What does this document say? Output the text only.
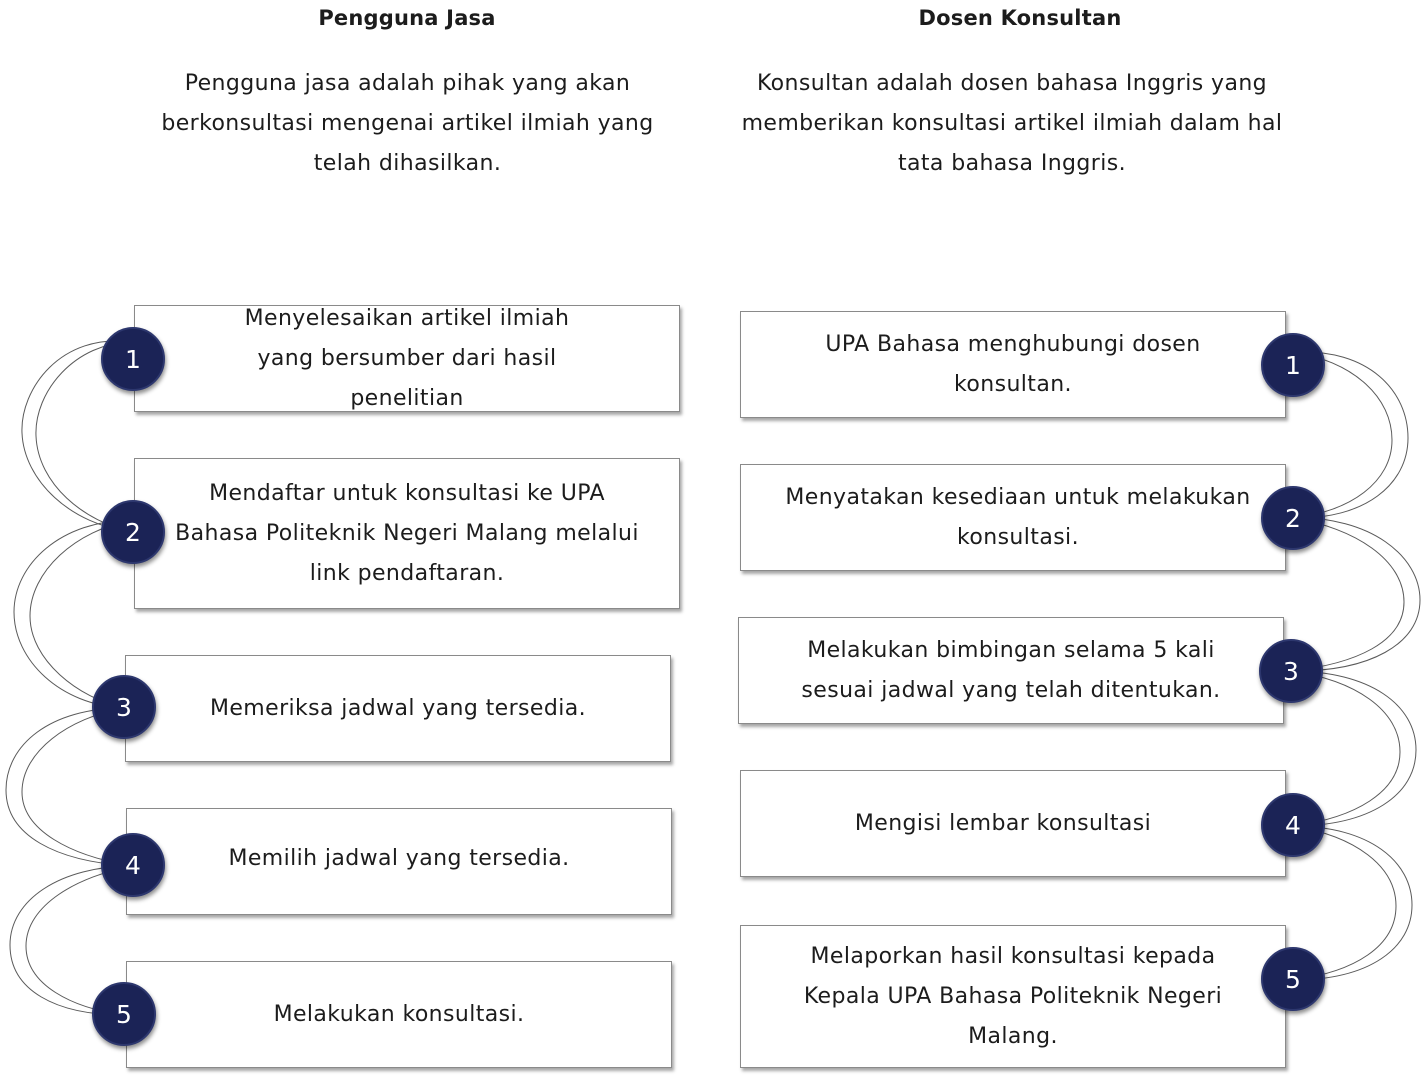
Pengguna Jasa	Dosen Konsultan
Pengguna jasa adalah pihak yang akan berkonsultasi mengenai artikel ilmiah yang telah dihasilkan.
Konsultan adalah dosen bahasa Inggris yang memberikan konsultasi artikel ilmiah dalam hal tata bahasa Inggris.
Menyelesaikan artikel ilmiah yang bersumber dari hasil penelitian
1
Mendaftar untuk konsultasi ke UPA Bahasa Politeknik Negeri Malang melalui link pendaftaran.
2
Memeriksa jadwal yang tersedia.
3
Memilih jadwal yang tersedia.
4
Melakukan konsultasi.
5
UPA Bahasa menghubungi dosen konsultan.
1
Menyatakan kesediaan untuk melakukan konsultasi.
2
Melakukan bimbingan selama 5 kali sesuai jadwal yang telah ditentukan.
3
Mengisi lembar konsultasi	4
Melaporkan hasil konsultasi kepada Kepala UPA Bahasa Politeknik Negeri Malang.
5
